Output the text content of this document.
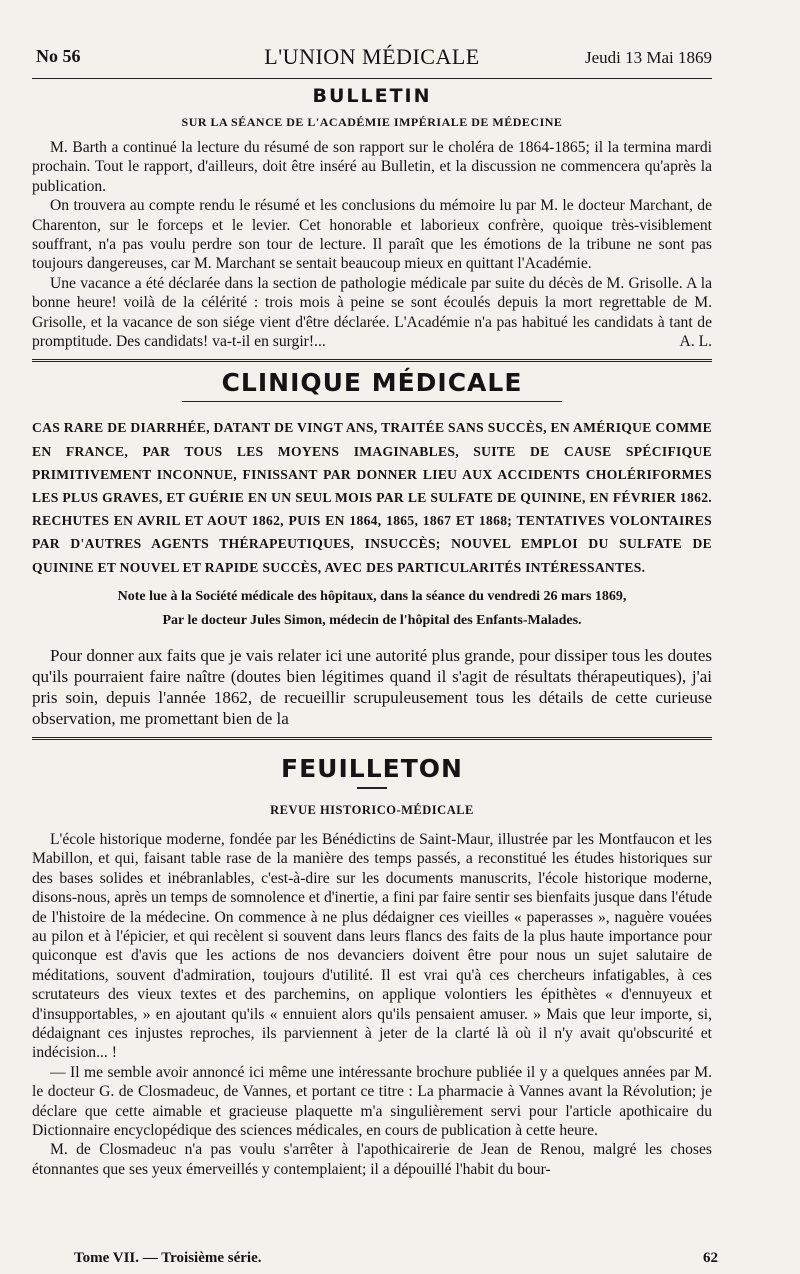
No 56	L'UNION MÉDICALE	Jeudi 13 Mai 1869
BULLETIN
SUR LA SÉANCE DE L'ACADÉMIE IMPÉRIALE DE MÉDECINE

M. Barth a continué la lecture du résumé de son rapport sur le choléra de 1864-1865; il la termina mardi prochain. Tout le rapport, d'ailleurs, doit être inséré au Bulletin, et la discussion ne commencera qu'après la publication.

On trouvera au compte rendu le résumé et les conclusions du mémoire lu par M. le docteur Marchant, de Charenton, sur le forceps et le levier. Cet honorable et laborieux confrère, quoique très-visiblement souffrant, n'a pas voulu perdre son tour de lecture. Il paraît que les émotions de la tribune ne sont pas toujours dangereuses, car M. Marchant se sentait beaucoup mieux en quittant l'Académie.

Une vacance a été déclarée dans la section de pathologie médicale par suite du décès de M. Grisolle. A la bonne heure! voilà de la célérité : trois mois à peine se sont écoulés depuis la mort regrettable de M. Grisolle, et la vacance de son siége vient d'être déclarée. L'Académie n'a pas habitué les candidats à tant de promptitude. Des candidats! va-t-il en surgir!...	A. L.

CLINIQUE MÉDICALE
CAS RARE DE DIARRHÉE, DATANT DE VINGT ANS, TRAITÉE SANS SUCCÈS, EN AMÉRIQUE COMME EN FRANCE, PAR TOUS LES MOYENS IMAGINABLES, SUITE DE CAUSE SPÉCIFIQUE PRIMITIVEMENT INCONNUE, FINISSANT PAR DONNER LIEU AUX ACCIDENTS CHOLÉRIFORMES LES PLUS GRAVES, ET GUÉRIE EN UN SEUL MOIS PAR LE SULFATE DE QUININE, EN FÉVRIER 1862. RECHUTES EN AVRIL ET AOUT 1862, PUIS EN 1864, 1865, 1867 ET 1868; TENTATIVES VOLONTAIRES PAR D'AUTRES AGENTS THÉRAPEUTIQUES, INSUCCÈS; NOUVEL EMPLOI DU SULFATE DE QUININE ET NOUVEL ET RAPIDE SUCCÈS, AVEC DES PARTICULARITÉS INTÉRESSANTES.
Note lue à la Société médicale des hôpitaux, dans la séance du vendredi 26 mars 1869,
Par le docteur Jules Simon, médecin de l'hôpital des Enfants-Malades.

Pour donner aux faits que je vais relater ici une autorité plus grande, pour dissiper tous les doutes qu'ils pourraient faire naître (doutes bien légitimes quand il s'agit de résultats thérapeutiques), j'ai pris soin, depuis l'année 1862, de recueillir scrupuleusement tous les détails de cette curieuse observation, me promettant bien de la

FEUILLETON
REVUE HISTORICO-MÉDICALE

L'école historique moderne, fondée par les Bénédictins de Saint-Maur, illustrée par les Montfaucon et les Mabillon, et qui, faisant table rase de la manière des temps passés, a reconstitué les études historiques sur des bases solides et inébranlables, c'est-à-dire sur les documents manuscrits, l'école historique moderne, disons-nous, après un temps de somnolence et d'inertie, a fini par faire sentir ses bienfaits jusque dans l'étude de l'histoire de la médecine. On commence à ne plus dédaigner ces vieilles « paperasses », naguère vouées au pilon et à l'épicier, et qui recèlent si souvent dans leurs flancs des faits de la plus haute importance pour quiconque est d'avis que les actions de nos devanciers doivent être pour nous un sujet salutaire de méditations, souvent d'admiration, toujours d'utilité. Il est vrai qu'à ces chercheurs infatigables, à ces scrutateurs des vieux textes et des parchemins, on applique volontiers les épithètes « d'ennuyeux et d'insupportables, » en ajoutant qu'ils « ennuient alors qu'ils pensaient amuser. » Mais que leur importe, si, dédaignant ces injustes reproches, ils parviennent à jeter de la clarté là où il n'y avait qu'obscurité et indécision... !

— Il me semble avoir annoncé ici même une intéressante brochure publiée il y a quelques années par M. le docteur G. de Closmadeuc, de Vannes, et portant ce titre : La pharmacie à Vannes avant la Révolution; je déclare que cette aimable et gracieuse plaquette m'a singulièrement servi pour l'article apothicaire du Dictionnaire encyclopédique des sciences médicales, en cours de publication à cette heure.

M. de Closmadeuc n'a pas voulu s'arrêter à l'apothicairerie de Jean de Renou, malgré les choses étonnantes que ses yeux émerveillés y contemplaient; il a dépouillé l'habit du bour-

Tome VII. — Troisième série.	62
